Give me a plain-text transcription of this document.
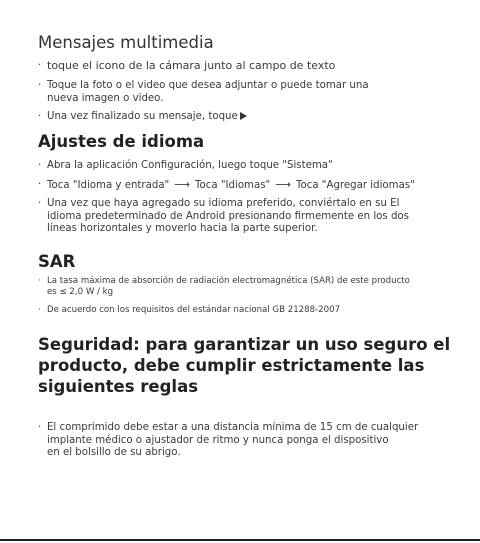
Mensajes multimedia
· toque el icono de la cámara junto al campo de texto
· Toque la foto o el video que desea adjuntar o puede tomar una
nueva imagen o video.
· Una vez finalizado su mensaje, toque
Ajustes de idioma
· Abra la aplicación Configuración, luego toque "Sistema"
· Toca "Idioma y entrada" ⟶ Toca "Idiomas" ⟶ Toca "Agregar idiomas"
· Una vez que haya agregado su idioma preferido, conviértalo en su El
idioma predeterminado de Android presionando firmemente en los dos
líneas horizontales y moverlo hacia la parte superior.
SAR
· La tasa máxima de absorción de radiación electromagnética (SAR) de este producto
es ≤ 2,0 W / kg
· De acuerdo con los requisitos del estándar nacional GB 21288-2007
Seguridad: para garantizar un uso seguro el
producto, debe cumplir estrictamente las
siguientes reglas
· El comprimido debe estar a una distancia mínima de 15 cm de cualquier
implante médico o ajustador de ritmo y nunca ponga el dispositivo
en el bolsillo de su abrigo.
